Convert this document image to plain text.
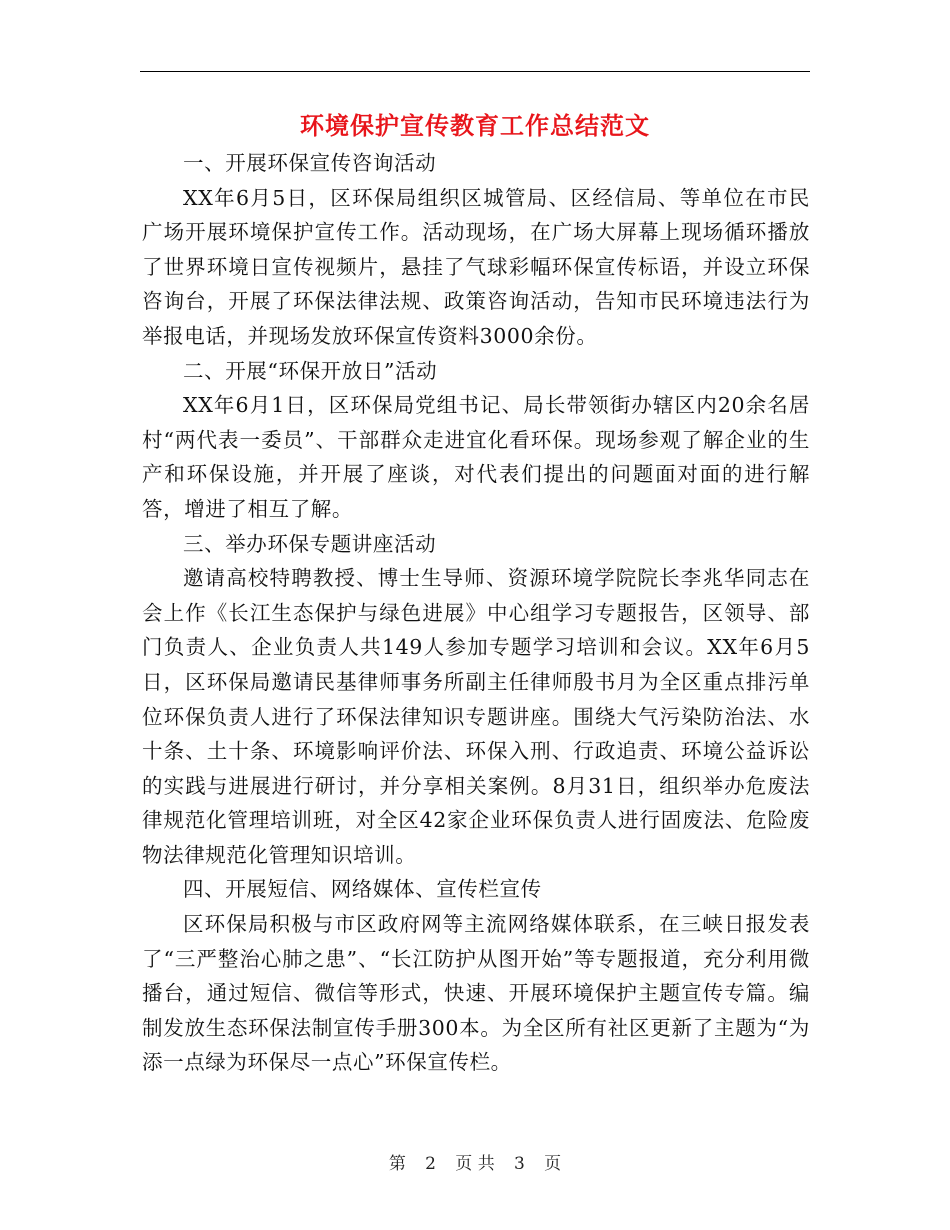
环境保护宣传教育工作总结范文

一、开展环保宣传咨询活动

XX年6月5日，区环保局组织区城管局、区经信局、等单位在市民广场开展环境保护宣传工作。活动现场，在广场大屏幕上现场循环播放了世界环境日宣传视频片，悬挂了气球彩幅环保宣传标语，并设立环保咨询台，开展了环保法律法规、政策咨询活动，告知市民环境违法行为举报电话，并现场发放环保宣传资料3000余份。

二、开展“环保开放日”活动

XX年6月1日，区环保局党组书记、局长带领街办辖区内20余名居村“两代表一委员”、干部群众走进宜化看环保。现场参观了解企业的生产和环保设施，并开展了座谈，对代表们提出的问题面对面的进行解答，增进了相互了解。

三、举办环保专题讲座活动

邀请高校特聘教授、博士生导师、资源环境学院院长李兆华同志在会上作《长江生态保护与绿色进展》中心组学习专题报告，区领导、部门负责人、企业负责人共149人参加专题学习培训和会议。XX年6月5日，区环保局邀请民基律师事务所副主任律师殷书月为全区重点排污单位环保负责人进行了环保法律知识专题讲座。围绕大气污染防治法、水十条、土十条、环境影响评价法、环保入刑、行政追责、环境公益诉讼的实践与进展进行研讨，并分享相关案例。8月31日，组织举办危废法律规范化管理培训班，对全区42家企业环保负责人进行固废法、危险废物法律规范化管理知识培训。

四、开展短信、网络媒体、宣传栏宣传

区环保局积极与市区政府网等主流网络媒体联系，在三峡日报发表了“三严整治心肺之患”、“长江防护从图开始”等专题报道，充分利用微播台，通过短信、微信等形式，快速、开展环境保护主题宣传专篇。编制发放生态环保法制宣传手册300本。为全区所有社区更新了主题为“为添一点绿为环保尽一点心”环保宣传栏。

第 2 页 共 3 页
